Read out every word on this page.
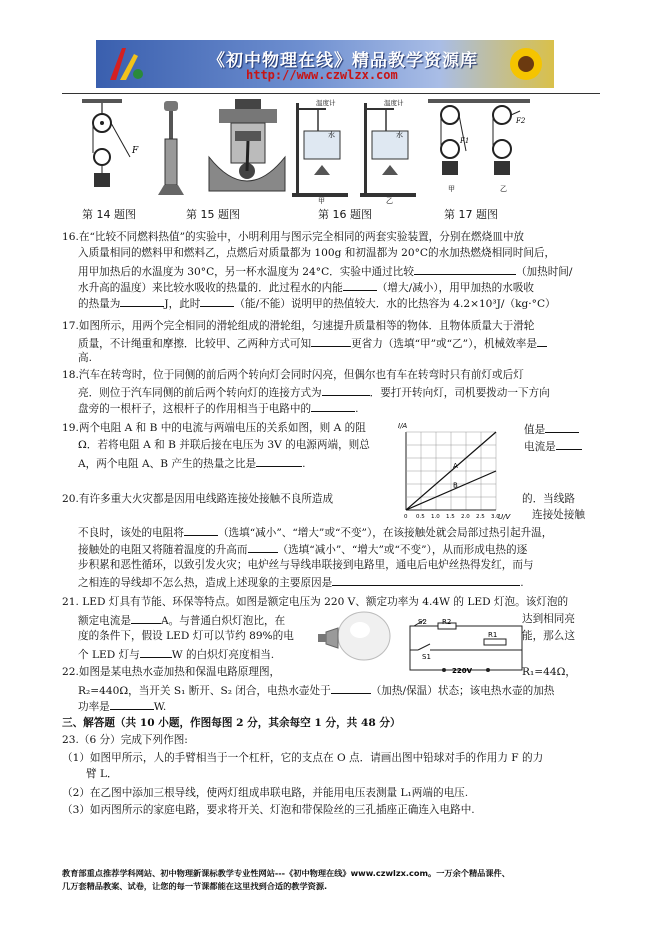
《初中物理在线》精品教学资源库
http://www.czwlzx.com
F
温度计
水
甲
温度计
水
乙
F1
甲
F2
乙
第 14 题图	第 15 题图	第 16 题图	第 17 题图
16.在“比较不同燃料热值”的实验中，小明利用与图示完全相同的两套实验装置，分别在燃烧皿中放
入质量相同的燃料甲和燃料乙，点燃后对质量都为 100g 和初温都为 20°C的水加热燃烧相同时间后，
用甲加热后的水温度为 30°C，另一杯水温度为 24°C．实验中通过比较	（加热时间/
水升高的温度）来比较水吸收的热量的．此过程水的内能	（增大/减小），用甲加热的水吸收
的热量为	J，此时	（能/不能）说明甲的热值较大．水的比热容为 4.2×10³J/（kg·°C）
17.如图所示，用两个完全相同的滑轮组成的滑轮组，匀速提升质量相等的物体．且物体质量大于滑轮
质量，不计绳重和摩擦．比较甲、乙两种方式可知	更省力（选填“甲”或“乙”），机械效率是
高.
18.汽车在转弯时，位于同侧的前后两个转向灯会同时闪亮，但偶尔也有车在转弯时只有前灯或后灯
亮．则位于汽车同侧的前后两个转向灯的连接方式为	．要打开转向灯，司机要拨动一下方向
盘旁的一根杆子，这根杆子的作用相当于电路中的	.
19.两个电阻 A 和 B 中的电流与两端电压的关系如图，则 A 的阻	值是
Ω．若将电阻 A 和 B 并联后接在电压为 3V 的电源两端，则总	电流是
A，两个电阻 A、B 产生的热量之比是	.
I/A
U/V
A
B
0 0.5 1.0 1.5 2.0 2.5 3.0
20.有许多重大火灾都是因用电线路连接处接触不良所造成	的．当线路
连接处接触
不良时，该处的电阻将	（选填“减小”、“增大”或“不变”），在该接触处就会局部过热引起升温，
接触处的电阻又将随着温度的升高而	（选填“减小”、“增大”或“不变”），从而形成电热的逐
步积累和恶性循环，以致引发火灾；电炉丝与导线串联接到电路里，通电后电炉丝热得发红，而与
之相连的导线却不怎么热，造成上述现象的主要原因是	.
21. LED 灯具有节能、环保等特点。如图是额定电压为 220 V、额定功率为 4.4W 的 LED 灯泡。该灯泡的
额定电流是	A。与普通白炽灯泡比，在	达到相同亮
度的条件下，假设 LED 灯可以节约 89%的电	能，那么这
个 LED 灯与	W 的白炽灯亮度相当.
S2 R2
R1
S1
220V
22.如图是某电热水壶加热和保温电路原理图，	R₁=44Ω，
R₂=440Ω，当开关 S₁ 断开、S₂ 闭合，电热水壶处于	（加热/保温）状态；该电热水壶的加热
功率是	W.
三、解答题（共 10 小题，作图每图 2 分，其余每空 1 分，共 48 分）
23.（6 分）完成下列作图:
（1）如图甲所示，人的手臂相当于一个杠杆，它的支点在 O 点．请画出图中铅球对手的作用力 F 的力
臂 L．
（2）在乙图中添加三根导线，使两灯组成串联电路，并能用电压表测量 L₁两端的电压.
（3）如丙图所示的家庭电路，要求将开关、灯泡和带保险丝的三孔插座正确连入电路中.
教育部重点推荐学科网站、初中物理新课标教学专业性网站---《初中物理在线》www.czwlzx.com。一万余个精品课件、
几万套精品教案、试卷，让您的每一节课都能在这里找到合适的教学资源.
